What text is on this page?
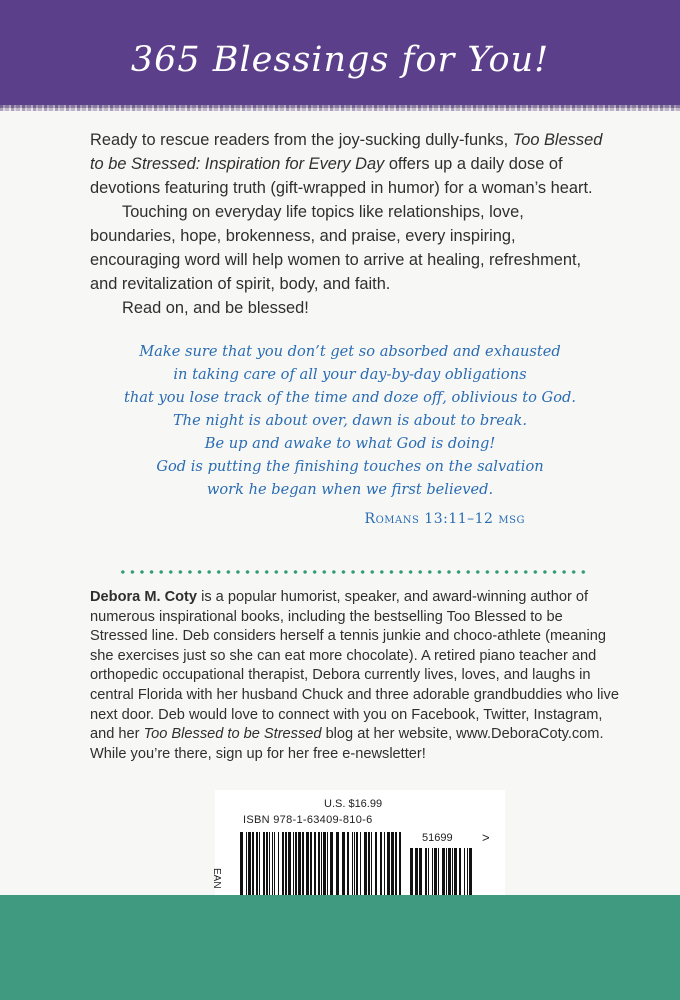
365 Blessings for You!

Ready to rescue readers from the joy-sucking dully-funks, Too Blessed to be Stressed: Inspiration for Every Day offers up a daily dose of devotions featuring truth (gift-wrapped in humor) for a woman’s heart.

Touching on everyday life topics like relationships, love, boundaries, hope, brokenness, and praise, every inspiring, encouraging word will help women to arrive at healing, refreshment, and revitalization of spirit, body, and faith.

Read on, and be blessed!

Make sure that you don’t get so absorbed and exhausted
in taking care of all your day-by-day obligations
that you lose track of the time and doze off, oblivious to God.
The night is about over, dawn is about to break.
Be up and awake to what God is doing!
God is putting the finishing touches on the salvation
work he began when we first believed.
Romans 13:11–12 msg
Debora M. Coty is a popular humorist, speaker, and award-winning author of numerous inspirational books, including the bestselling Too Blessed to be Stressed line. Deb considers herself a tennis junkie and choco-athlete (meaning she exercises just so she can eat more chocolate). A retired piano teacher and orthopedic occupational therapist, Debora currently lives, loves, and laughs in central Florida with her husband Chuck and three adorable grandbuddies who live next door. Deb would love to connect with you on Facebook, Twitter, Instagram, and her Too Blessed to be Stressed blog at her website, www.DeboraCoty.com. While you’re there, sign up for her free e-newsletter!
U.S. $16.99
ISBN 978-1-63409-810-6
EAN
51699 >
